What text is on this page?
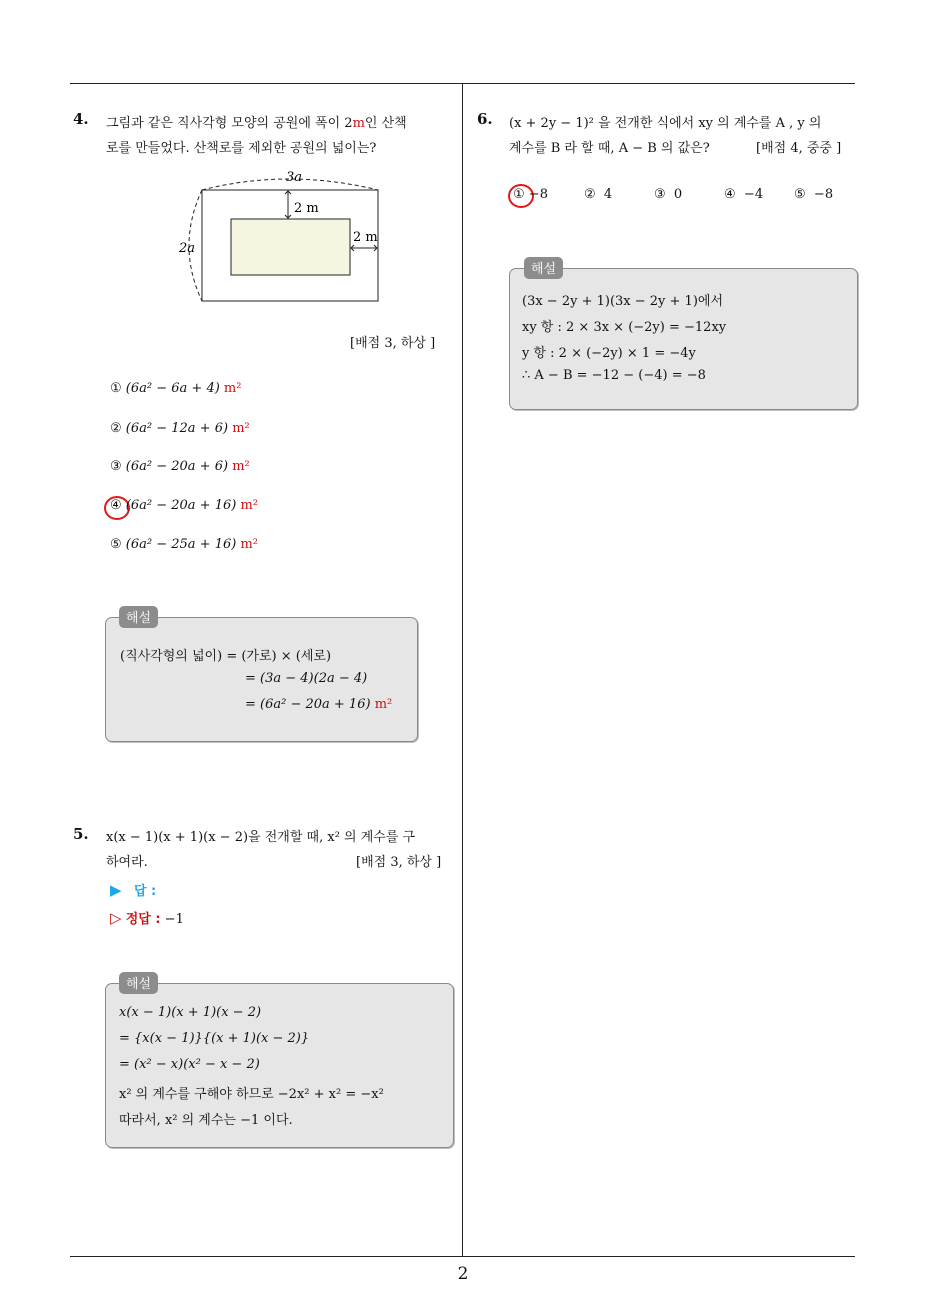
4. 그림과 같은 직사각형 모양의 공원에 폭이 2m인 산책
로를 만들었다. 산책로를 제외한 공원의 넓이는?
3a
2a
2 m
2 m
[배점 3, 하상 ]
① (6a² − 6a + 4) m²
② (6a² − 12a + 6) m²
③ (6a² − 20a + 6) m²
④ (6a² − 20a + 16) m²
⑤ (6a² − 25a + 16) m²
해설
(직사각형의 넓이) = (가로) × (세로)
= (3a − 4)(2a − 4)
= (6a² − 20a + 16) m²
5. x(x − 1)(x + 1)(x − 2)을 전개할 때, x² 의 계수를 구
하여라.	[배점 3, 하상 ]
▶ 답 :
▷ 정답 : −1
해설
x(x − 1)(x + 1)(x − 2)
= {x(x − 1)}{(x + 1)(x − 2)}
= (x² − x)(x² − x − 2)
x² 의 계수를 구해야 하므로 −2x² + x² = −x²
따라서, x² 의 계수는 −1 이다.
6. (x + 2y − 1)² 을 전개한 식에서 xy 의 계수를 A , y 의
계수를 B 라 할 때, A − B 의 값은?	[배점 4, 중중 ]
① −8	② 4	③ 0	④ −4 ⑤ −8
해설
(3x − 2y + 1)(3x − 2y + 1)에서
xy 항 : 2 × 3x × (−2y) = −12xy
y 항 : 2 × (−2y) × 1 = −4y
∴ A − B = −12 − (−4) = −8
2
